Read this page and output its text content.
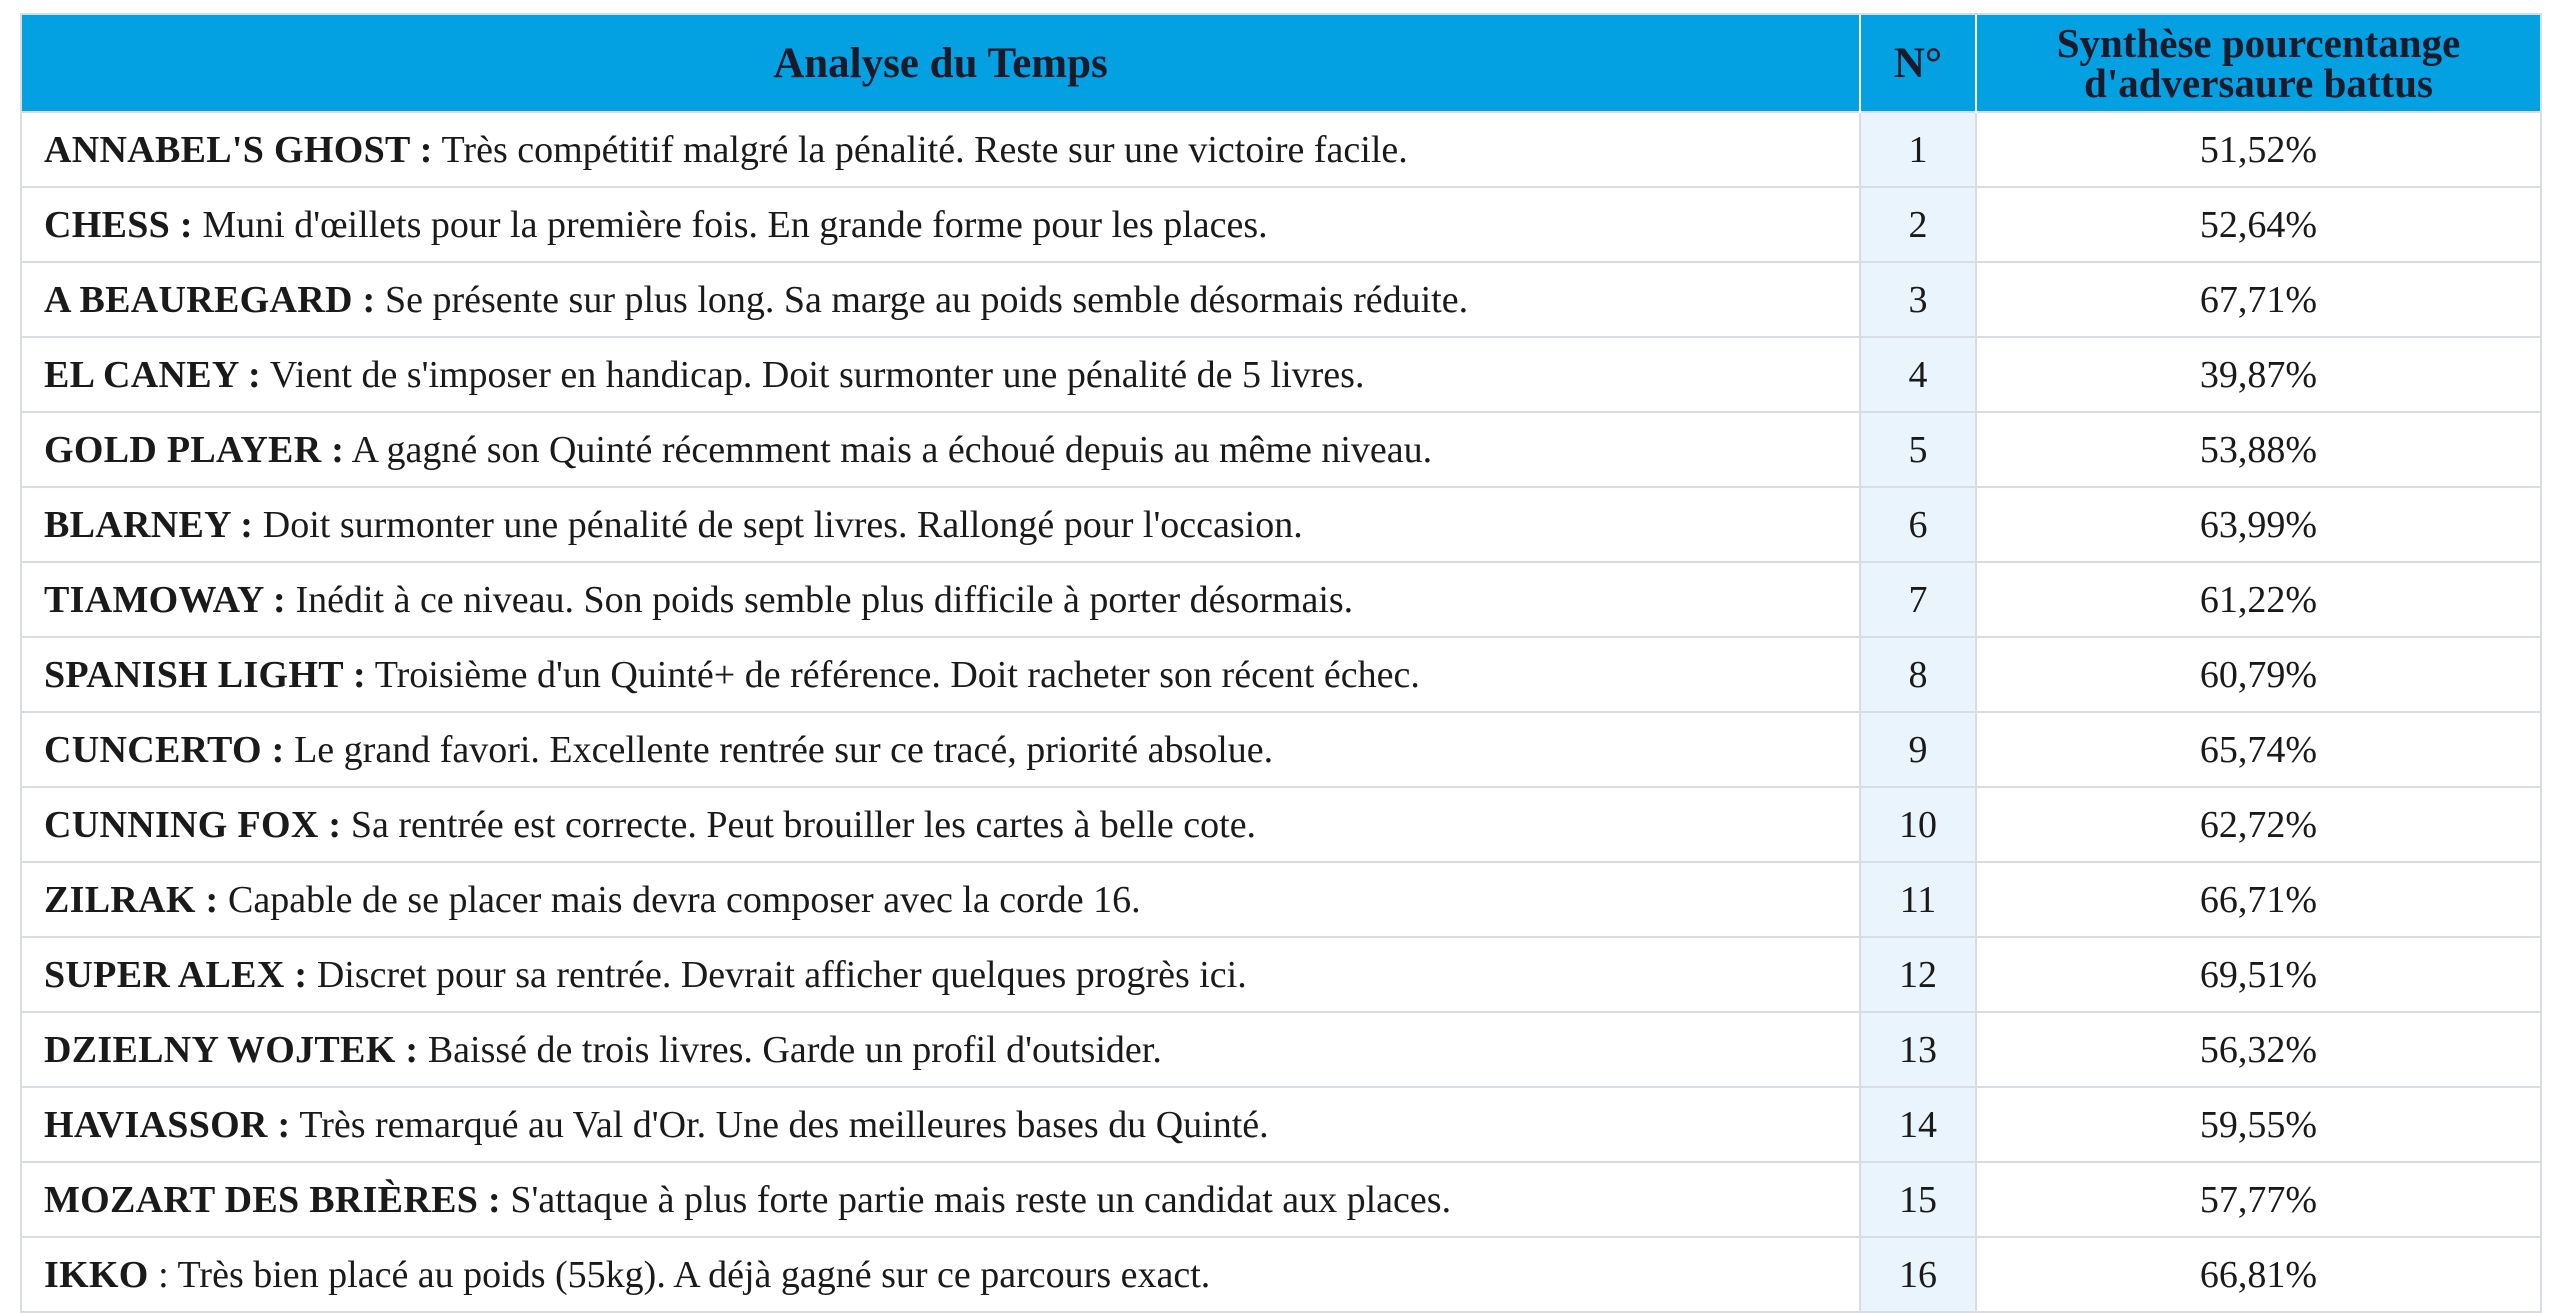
Analyse du Temps	N°	Synthèse pourcentange
d'adversaure battus

ANNABEL'S GHOST : Très compétitif malgré la pénalité. Reste sur une victoire facile.	1	51,52%
CHESS : Muni d'œillets pour la première fois. En grande forme pour les places.	2	52,64%
A BEAUREGARD : Se présente sur plus long. Sa marge au poids semble désormais réduite.	3	67,71%
EL CANEY : Vient de s'imposer en handicap. Doit surmonter une pénalité de 5 livres.	4	39,87%
GOLD PLAYER : A gagné son Quinté récemment mais a échoué depuis au même niveau.	5	53,88%
BLARNEY : Doit surmonter une pénalité de sept livres. Rallongé pour l'occasion.	6	63,99%
TIAMOWAY : Inédit à ce niveau. Son poids semble plus difficile à porter désormais.	7	61,22%
SPANISH LIGHT : Troisième d'un Quinté+ de référence. Doit racheter son récent échec.	8	60,79%
CUNCERTO : Le grand favori. Excellente rentrée sur ce tracé, priorité absolue.	9	65,74%
CUNNING FOX : Sa rentrée est correcte. Peut brouiller les cartes à belle cote.	10	62,72%
ZILRAK : Capable de se placer mais devra composer avec la corde 16.	11	66,71%
SUPER ALEX : Discret pour sa rentrée. Devrait afficher quelques progrès ici.	12	69,51%
DZIELNY WOJTEK : Baissé de trois livres. Garde un profil d'outsider.	13	56,32%
HAVIASSOR : Très remarqué au Val d'Or. Une des meilleures bases du Quinté.	14	59,55%
MOZART DES BRIÈRES : S'attaque à plus forte partie mais reste un candidat aux places.	15	57,77%
IKKO : Très bien placé au poids (55kg). A déjà gagné sur ce parcours exact.	16	66,81%
